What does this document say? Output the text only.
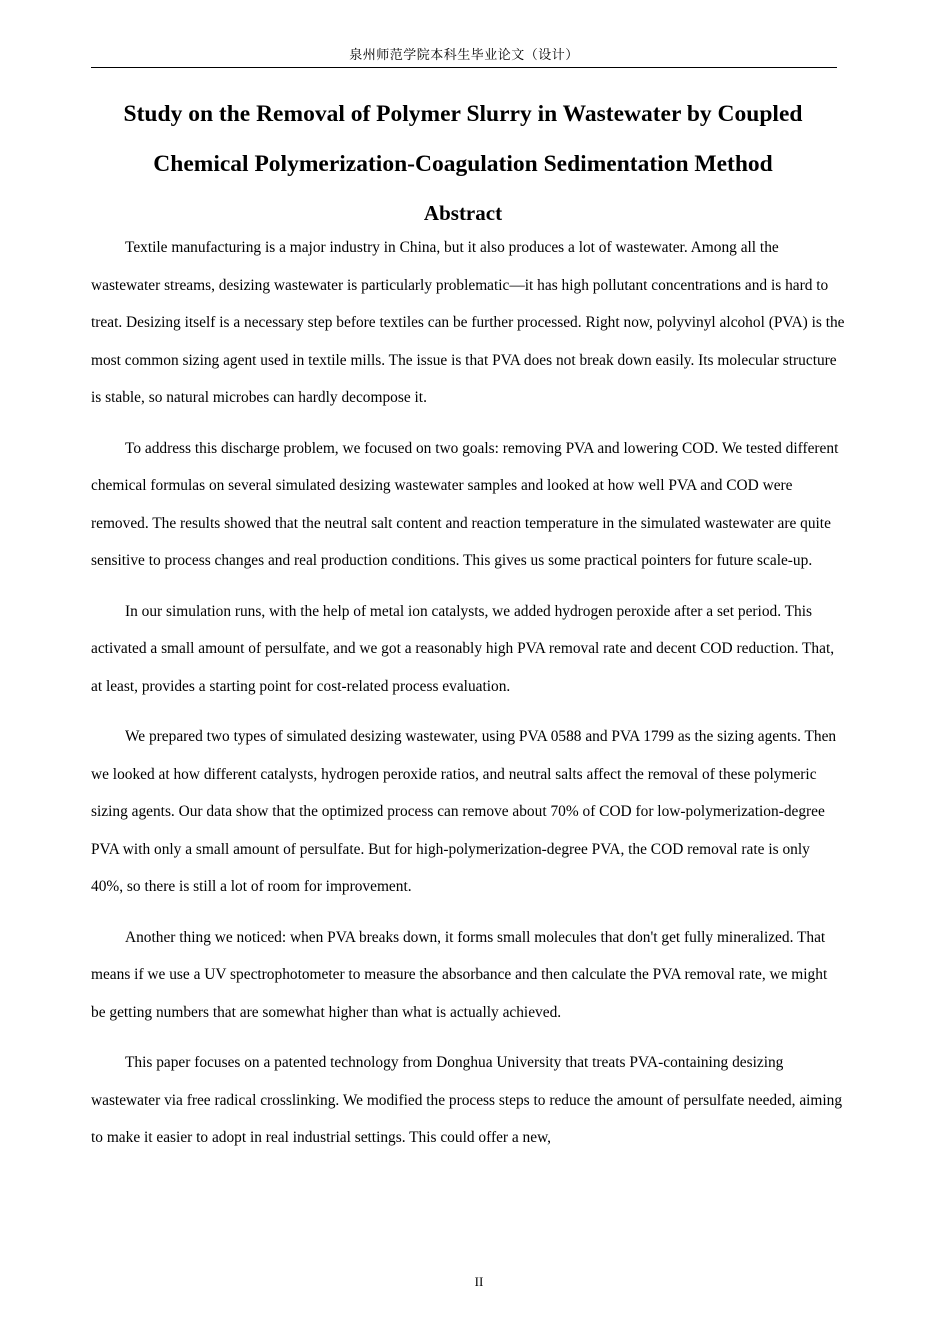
泉州师范学院本科生毕业论文（设计）
Study on the Removal of Polymer Slurry in Wastewater by Coupled
Chemical Polymerization-Coagulation Sedimentation Method
Abstract

Textile manufacturing is a major industry in China, but it also produces a lot of wastewater. Among all the wastewater streams, desizing wastewater is particularly problematic—it has high pollutant concentrations and is hard to treat. Desizing itself is a necessary step before textiles can be further processed. Right now, polyvinyl alcohol (PVA) is the most common sizing agent used in textile mills. The issue is that PVA does not break down easily. Its molecular structure is stable, so natural microbes can hardly decompose it.

To address this discharge problem, we focused on two goals: removing PVA and lowering COD. We tested different chemical formulas on several simulated desizing wastewater samples and looked at how well PVA and COD were removed. The results showed that the neutral salt content and reaction temperature in the simulated wastewater are quite sensitive to process changes and real production conditions. This gives us some practical pointers for future scale-up.

In our simulation runs, with the help of metal ion catalysts, we added hydrogen peroxide after a set period. This activated a small amount of persulfate, and we got a reasonably high PVA removal rate and decent COD reduction. That, at least, provides a starting point for cost-related process evaluation.

We prepared two types of simulated desizing wastewater, using PVA 0588 and PVA 1799 as the sizing agents. Then we looked at how different catalysts, hydrogen peroxide ratios, and neutral salts affect the removal of these polymeric sizing agents. Our data show that the optimized process can remove about 70% of COD for low-polymerization-degree PVA with only a small amount of persulfate. But for high-polymerization-degree PVA, the COD removal rate is only 40%, so there is still a lot of room for improvement.

Another thing we noticed: when PVA breaks down, it forms small molecules that don't get fully mineralized. That means if we use a UV spectrophotometer to measure the absorbance and then calculate the PVA removal rate, we might be getting numbers that are somewhat higher than what is actually achieved.

This paper focuses on a patented technology from Donghua University that treats PVA-containing desizing wastewater via free radical crosslinking. We modified the process steps to reduce the amount of persulfate needed, aiming to make it easier to adopt in real industrial settings. This could offer a new,

II
